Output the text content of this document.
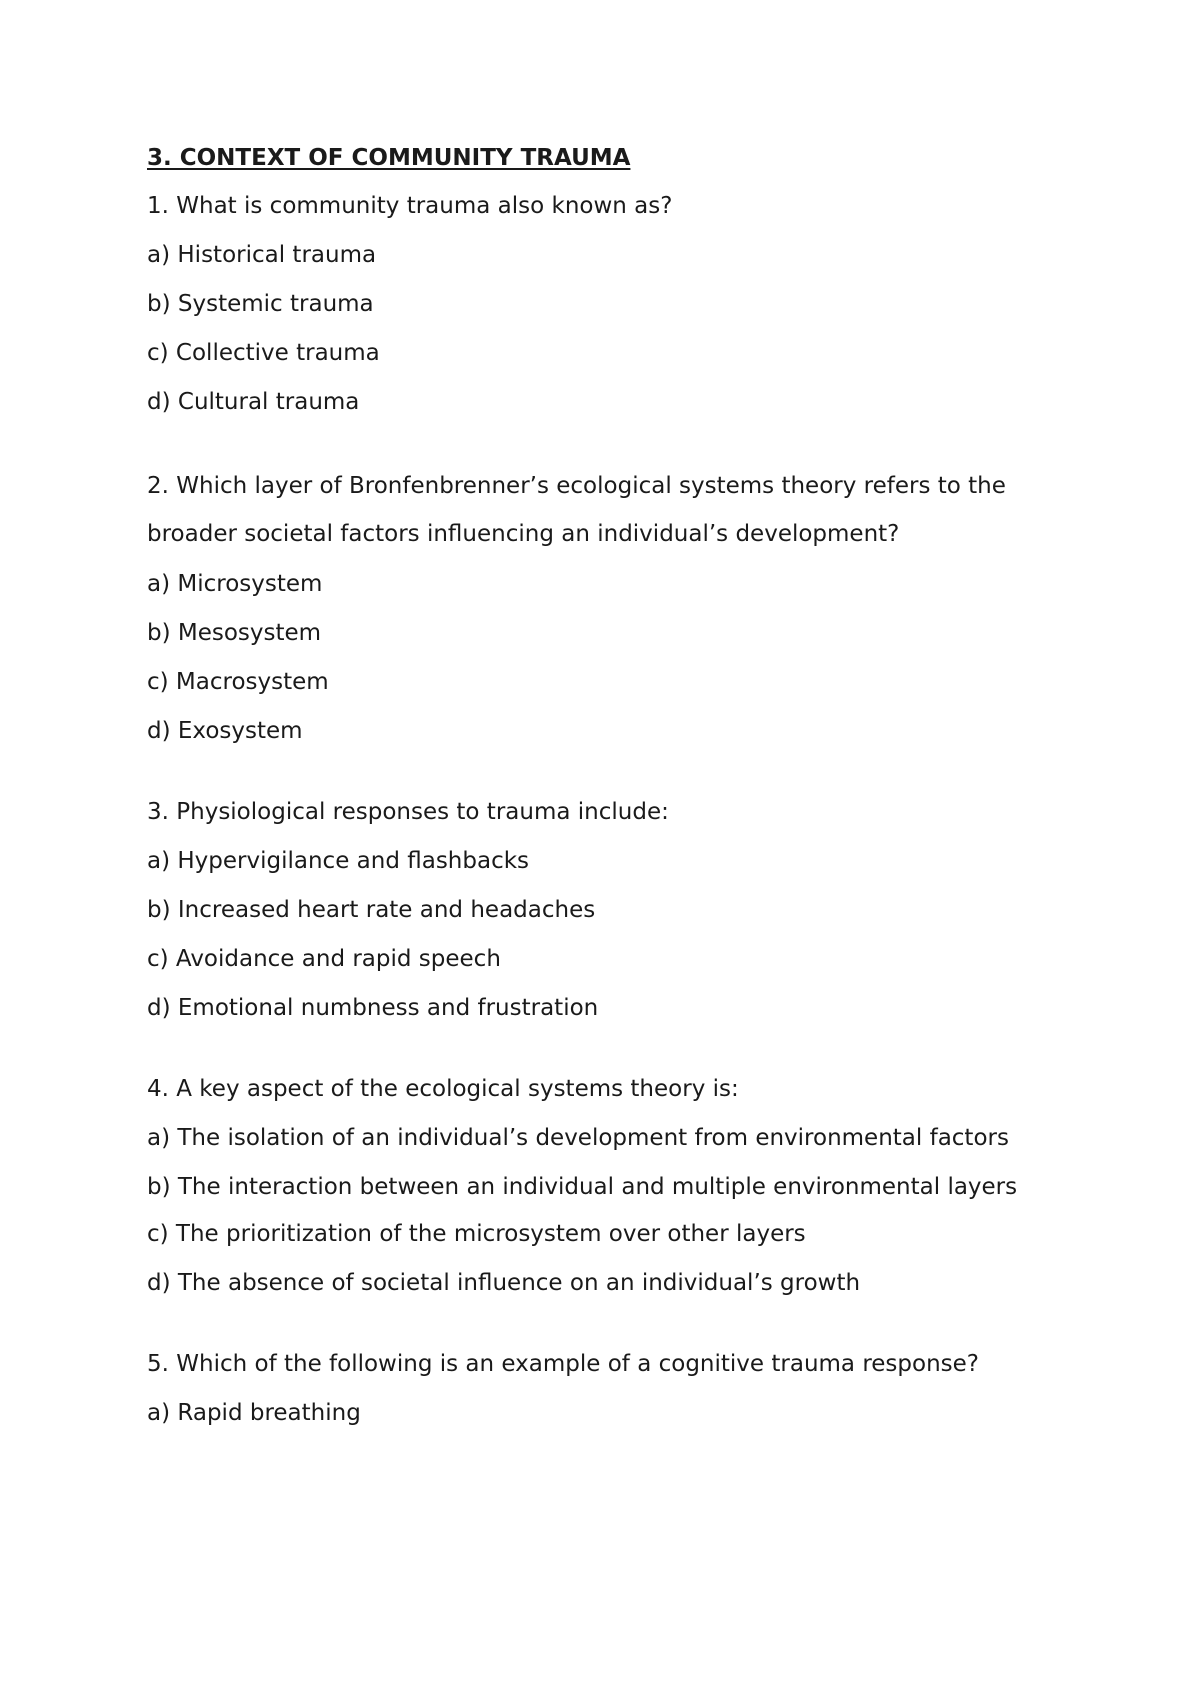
3. CONTEXT OF COMMUNITY TRAUMA
1. What is community trauma also known as?
a) Historical trauma
b) Systemic trauma
c) Collective trauma
d) Cultural trauma
2. Which layer of Bronfenbrenner’s ecological systems theory refers to the broader societal factors influencing an individual’s development?
a) Microsystem
b) Mesosystem
c) Macrosystem
d) Exosystem
3. Physiological responses to trauma include:
a) Hypervigilance and flashbacks
b) Increased heart rate and headaches
c) Avoidance and rapid speech
d) Emotional numbness and frustration
4. A key aspect of the ecological systems theory is:
a) The isolation of an individual’s development from environmental factors
b) The interaction between an individual and multiple environmental layers
c) The prioritization of the microsystem over other layers
d) The absence of societal influence on an individual’s growth
5. Which of the following is an example of a cognitive trauma response?
a) Rapid breathing
